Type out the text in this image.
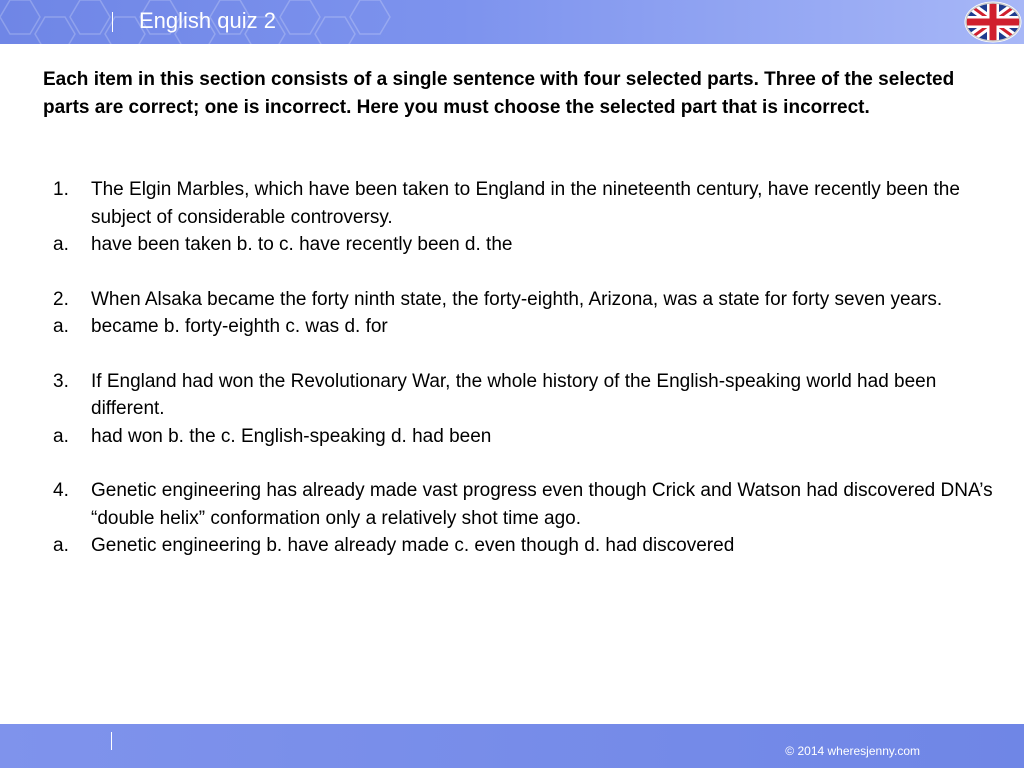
English quiz 2
Each item in this section consists of a single sentence with four selected parts. Three of the selected parts are correct; one is incorrect. Here you must choose the selected part that is incorrect.
1.	The Elgin Marbles, which have been taken to England in the nineteenth century, have recently been the subject of considerable controversy.
a.	have been taken b. to c. have recently been d. the
2.	When Alsaka became the forty ninth state, the forty-eighth, Arizona, was a state for forty seven years.
a.	became b. forty-eighth c. was d. for
3.	If England had won the Revolutionary War, the whole history of the English-speaking world had been different.
a.	had won b. the c. English-speaking d. had been
4.	Genetic engineering has already made vast progress even though Crick and Watson had discovered DNA’s “double helix” conformation only a relatively shot time ago.
a.	Genetic engineering b. have already made c. even though d. had discovered
© 2014 wheresjenny.com
